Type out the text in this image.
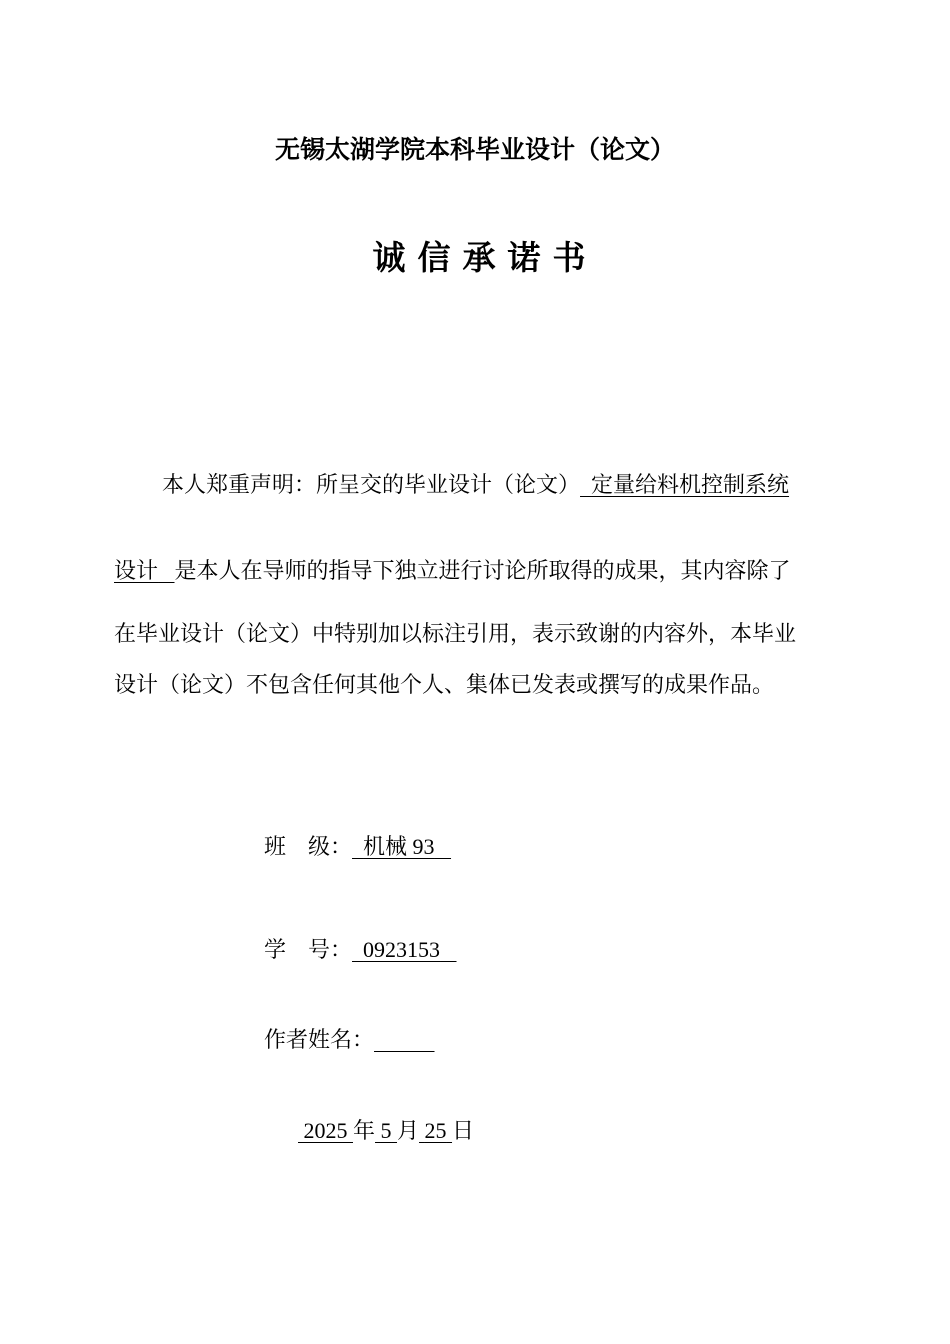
无锡太湖学院本科毕业设计（论文）
诚信承诺书
本人郑重声明：所呈交的毕业设计（论文） 定量给料机控制系统
设计 是本人在导师的指导下独立进行讨论所取得的成果，其内容除了
在毕业设计（论文）中特别加以标注引用，表示致谢的内容外，本毕业
设计（论文）不包含任何其他个人、集体已发表或撰写的成果作品。
班　级： 机械 93
学　号： 0923153
作者姓名：
2025 年 5 月 25 日
